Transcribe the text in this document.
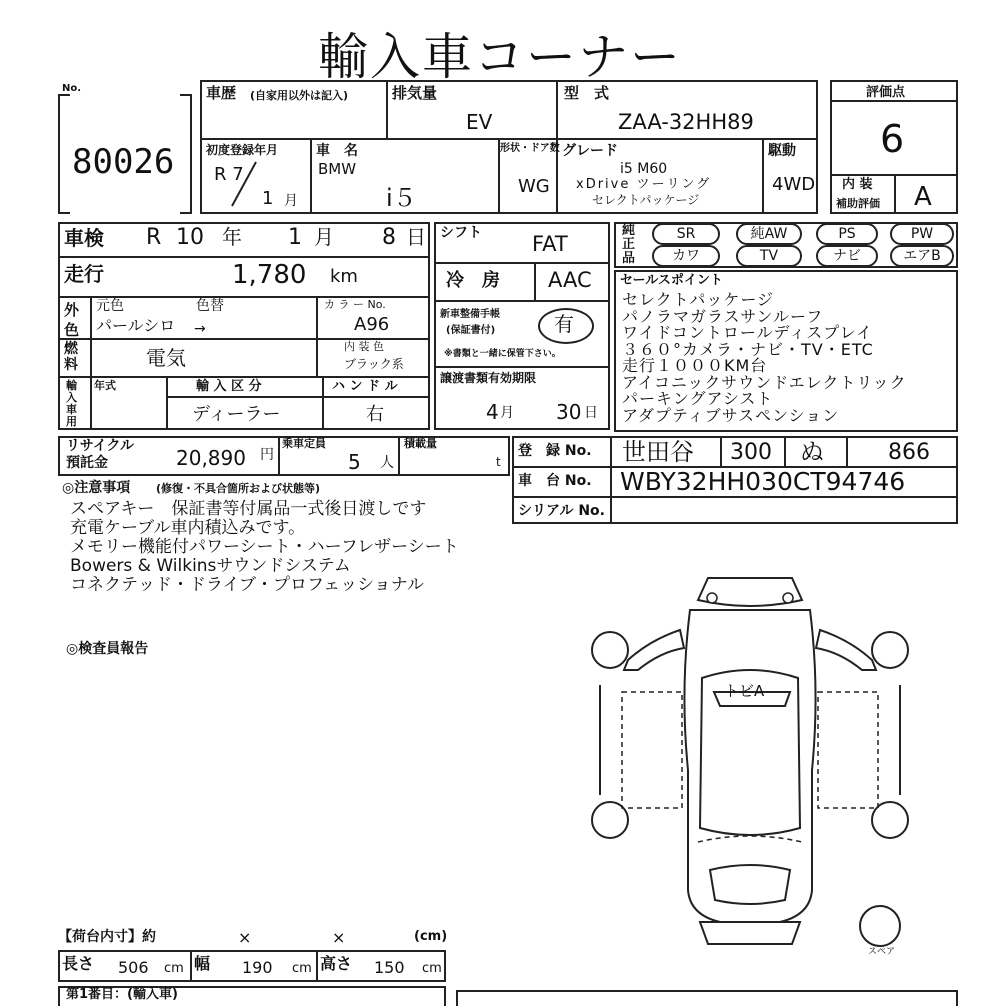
輸入車コーナー
No.
80026
車歴 (自家用以外は記入)	排気量
EV
型　式
ZAA-32HH89
初度登録年月
R 7
1 月
車　名
BMW
i５
形状・ドア数
WG
グレード
i5 M60
xDrive ツーリング
セレクトパッケージ
駆動
4WD
評価点
6
内 装
補助評価 A
車検 R 10 年 1 月 8 日
走行	1,780 km
外色
元色	色替
パールシロ →
カ ラ ー No.
A96
燃料	電気	内 装 色
ブラック系
輸入車用
年式	輸 入 区 分
ディーラー
ハ ン ド ル
右
シフト FAT
冷　房 AAC
新車整備手帳
(保証書付)	有
※書類と一緒に保管下さい。
譲渡書類有効期限
4 月 30 日
純正品
SR	純AW	PS	PW
カワ	TV	ナビ	エアB
セールスポイント
セレクトパッケージ
パノラマガラスサンルーフ
ワイドコントロールディスプレイ
３６０°カメラ・ナビ・TV・ETC
走行１０００KM台
アイコニックサウンドエレクトリック
パーキングアシスト
アダプティブサスペンション
リサイクル
預託金	20,890 円
乗車定員
5 人
積載量
t
登　録 No. 世田谷 300 ぬ	866
車　台 No. WBY32HH030CT94746
シリアル No.
◎注意事項 (修復・不具合箇所および状態等)
スペアキー　保証書等付属品一式後日渡しです
充電ケーブル車内積込みです。
メモリー機能付パワーシート・ハーフレザーシート
Bowers & Wilkinsサウンドシステム
コネクテッド・ドライブ・プロフェッショナル
◎検査員報告
トビA
スペア
【荷台内寸】約	×	×	(cm)
長さ 506 cm 幅 190 cm 高さ 150 cm
第1番目：(輸入車)
